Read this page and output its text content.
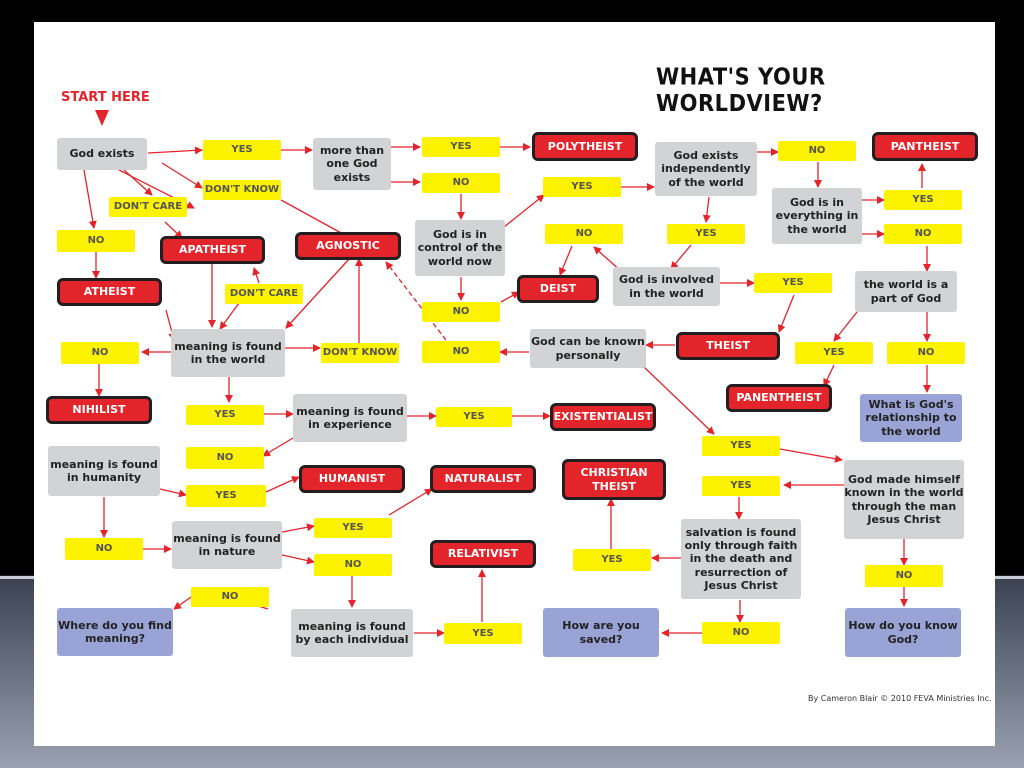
WHAT'S YOUR WORLDVIEW?
START HERE
By Cameron Blair © 2010 FEVA Ministries Inc.
God exists	more than one God exists
God is in control of the world now
God exists independently of the world
God is in everything in the world
God is involved in the world
the world is a part of God
God can be known personally
meaning is found in the world
meaning is found in experience
meaning is found in humanity
meaning is found in nature
meaning is found by each individual
salvation is found only through faith in the death and resurrection of Jesus Christ
God made himself known in the world through the man Jesus Christ
Where do you find meaning?
How are you saved?
How do you know God?
What is God's relationship to the world
POLYTHEIST	PANTHEIST
APATHEIST	AGNOSTIC
ATHEIST	DEIST
THEIST
PANENTHEIST
NIHILIST
EXISTENTIALIST
HUMANIST	NATURALIST
RELATIVIST
CHRISTIAN THEIST
YES	YES
NO
DON'T KNOW
DON'T CARE
NO
DON'T CARE
YES
NO
YES
NO
NO	YES
YES
NO
NO
DON'T KNOW
NO	YES	NO
YES	YES
NO
YES
YES
YES
YES
NO
NO	YES
NO
YES	NO
NO
